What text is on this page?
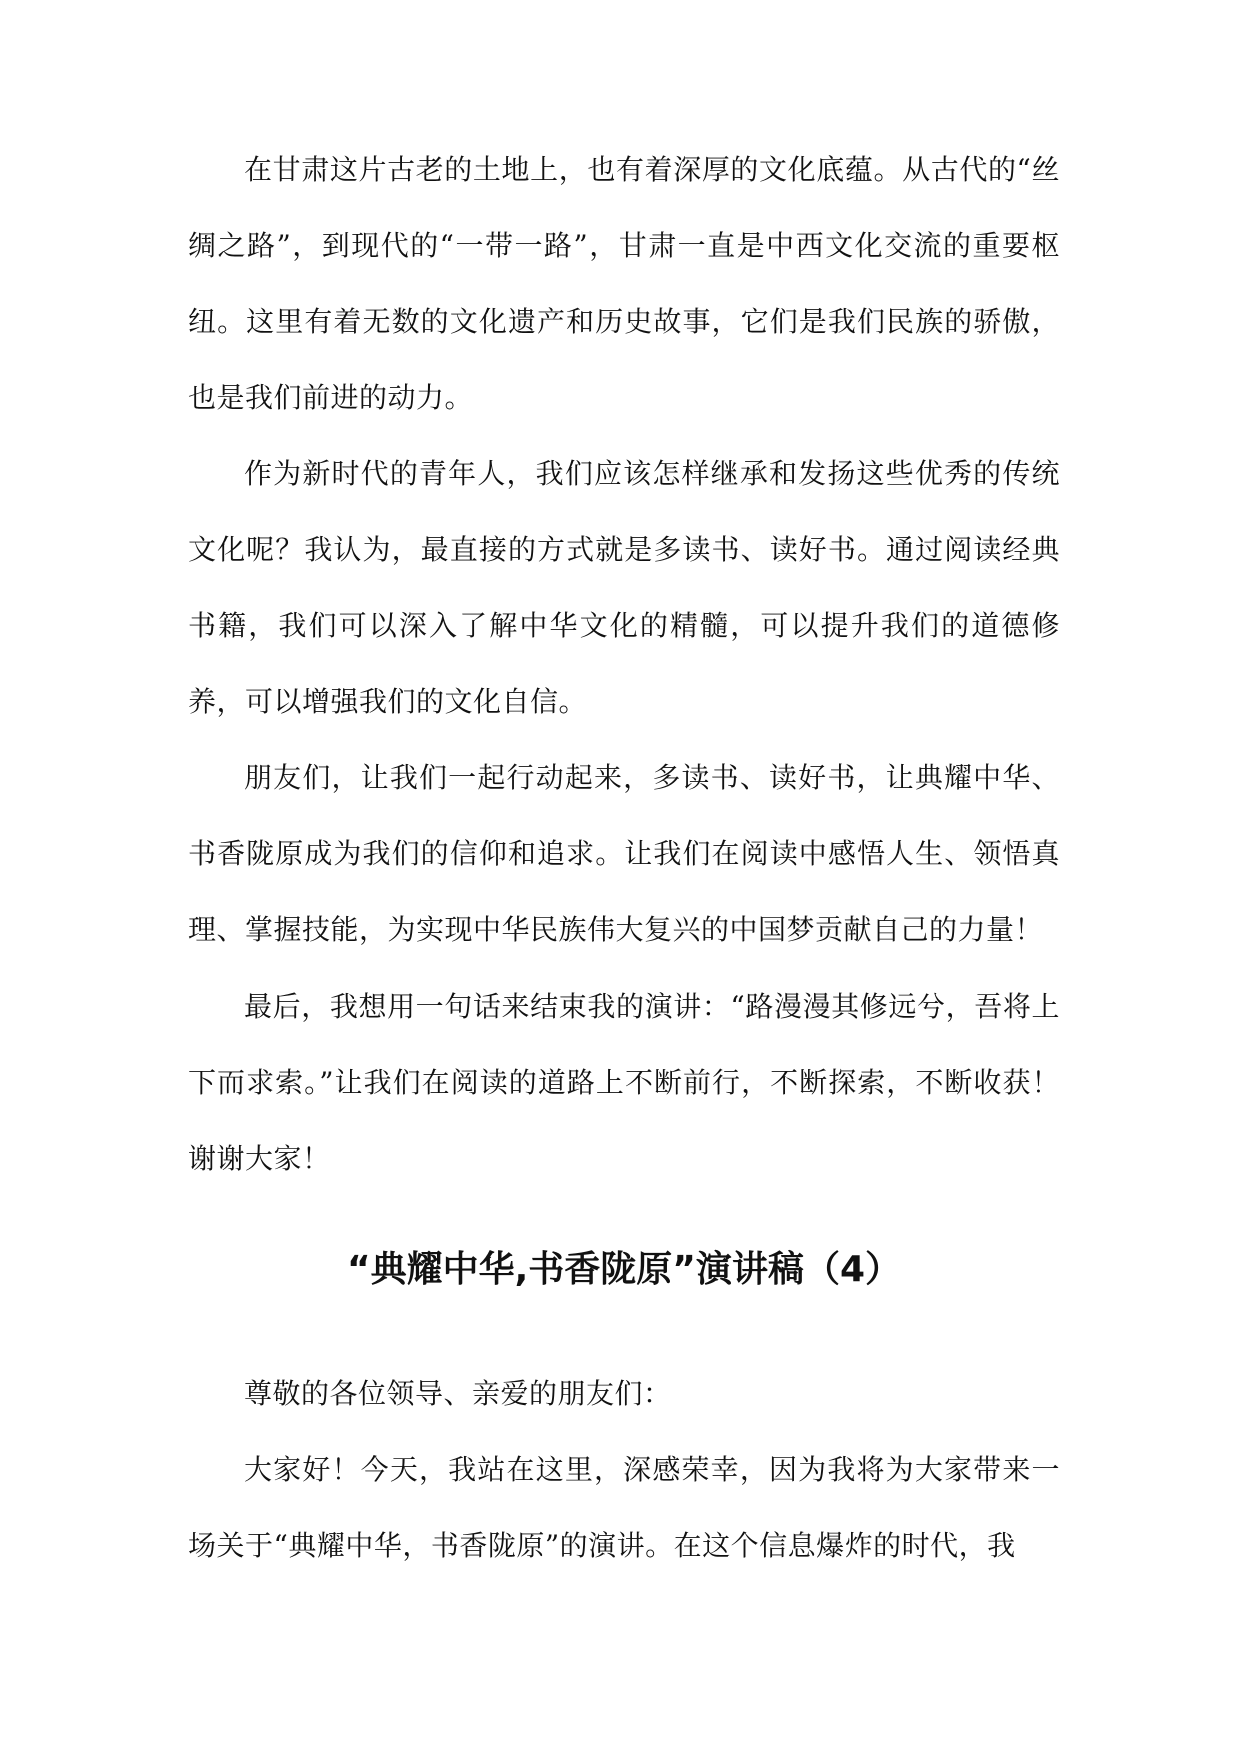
在甘肃这片古老的土地上，也有着深厚的文化底蕴。从古代的“丝绸之路”，到现代的“一带一路”，甘肃一直是中西文化交流的重要枢纽。这里有着无数的文化遗产和历史故事，它们是我们民族的骄傲，也是我们前进的动力。

作为新时代的青年人，我们应该怎样继承和发扬这些优秀的传统文化呢？我认为，最直接的方式就是多读书、读好书。通过阅读经典书籍，我们可以深入了解中华文化的精髓，可以提升我们的道德修养，可以增强我们的文化自信。

朋友们，让我们一起行动起来，多读书、读好书，让典耀中华、书香陇原成为我们的信仰和追求。让我们在阅读中感悟人生、领悟真理、掌握技能，为实现中华民族伟大复兴的中国梦贡献自己的力量！

最后，我想用一句话来结束我的演讲：“路漫漫其修远兮，吾将上下而求索。”让我们在阅读的道路上不断前行，不断探索，不断收获！谢谢大家！

“典耀中华,书香陇原”演讲稿（4）

尊敬的各位领导、亲爱的朋友们：

大家好！今天，我站在这里，深感荣幸，因为我将为大家带来一场关于“典耀中华，书香陇原”的演讲。在这个信息爆炸的时代，我
